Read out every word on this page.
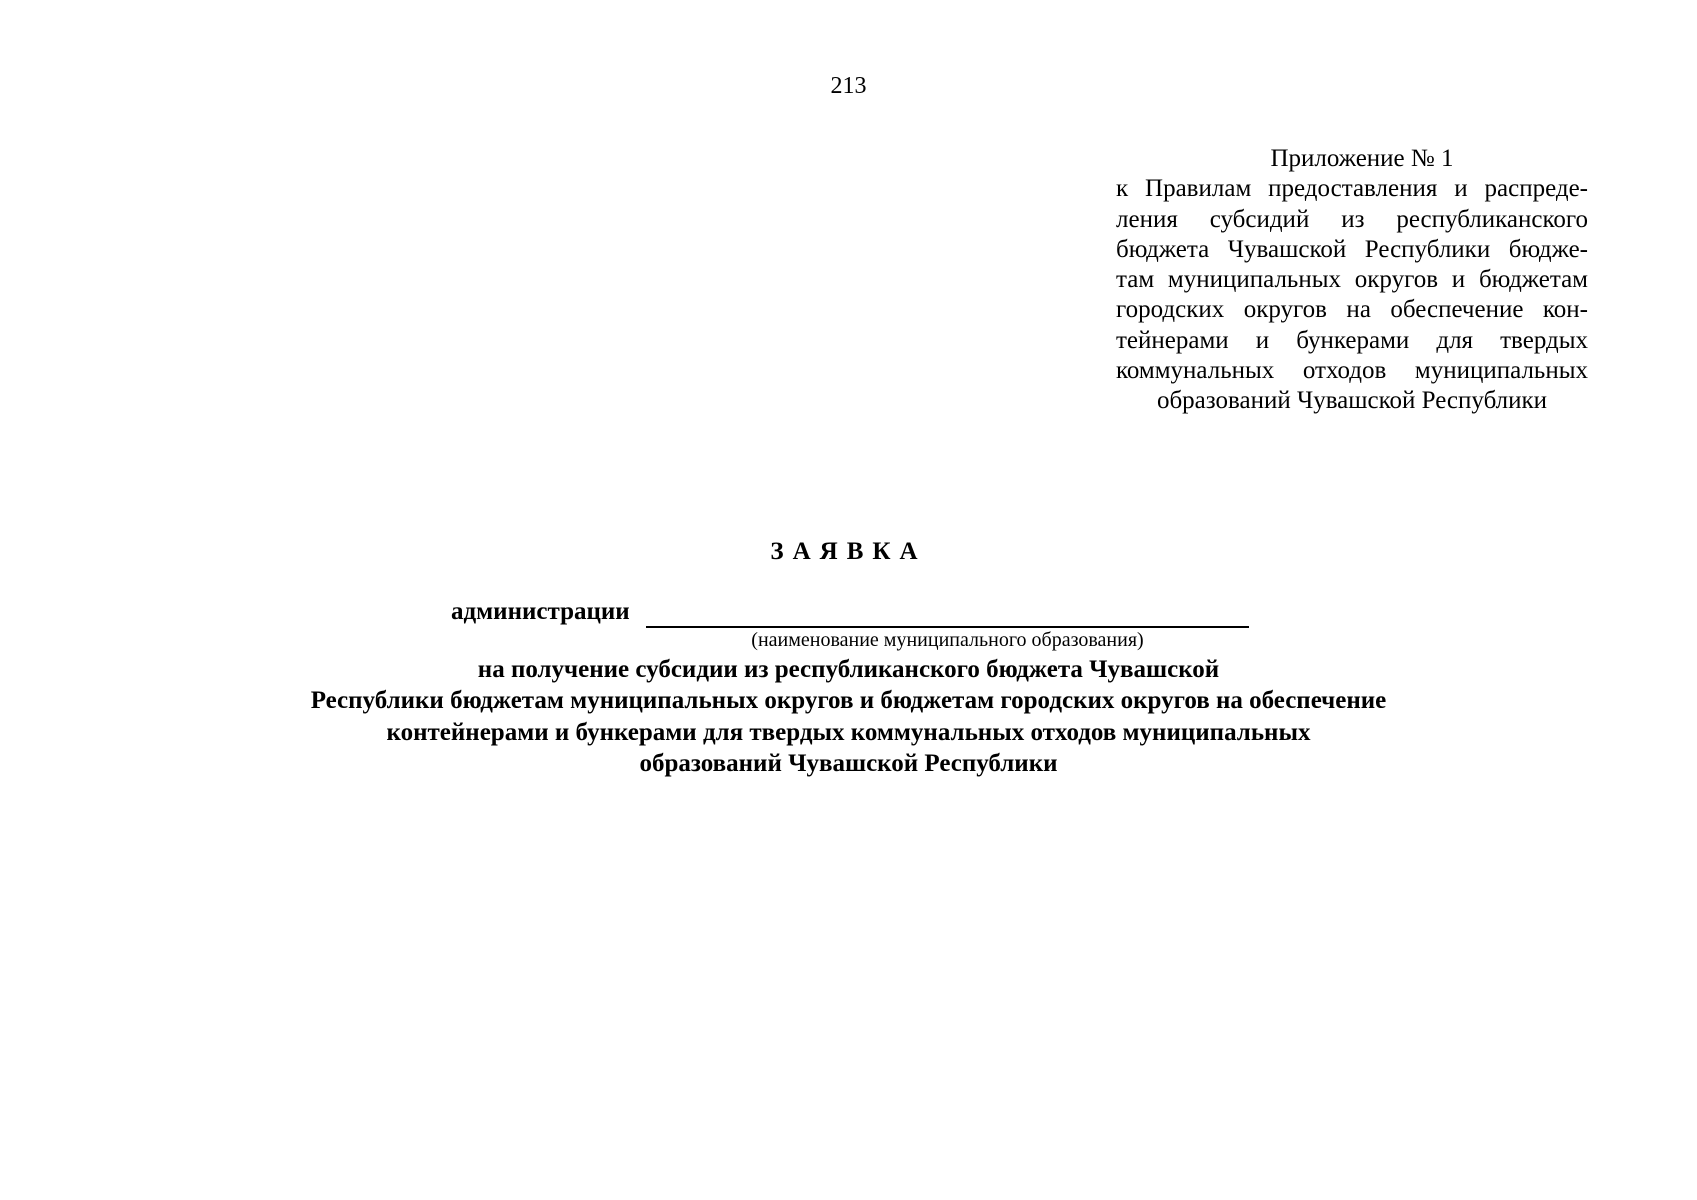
213

Приложение № 1

к Правилам предоставления и распреде-

ления субсидий из республиканского

бюджета Чувашской Республики бюдже-

там муниципальных округов и бюджетам

городских округов на обеспечение кон-

тейнерами и бункерами для твердых

коммунальных отходов муниципальных

образований Чувашской Республики

ЗАЯВКА
администрации
(наименование муниципального образования)

на получение субсидии из республиканского бюджета Чувашской

Республики бюджетам муниципальных округов и бюджетам городских округов на обеспечение

контейнерами и бункерами для твердых коммунальных отходов муниципальных

образований Чувашской Республики
